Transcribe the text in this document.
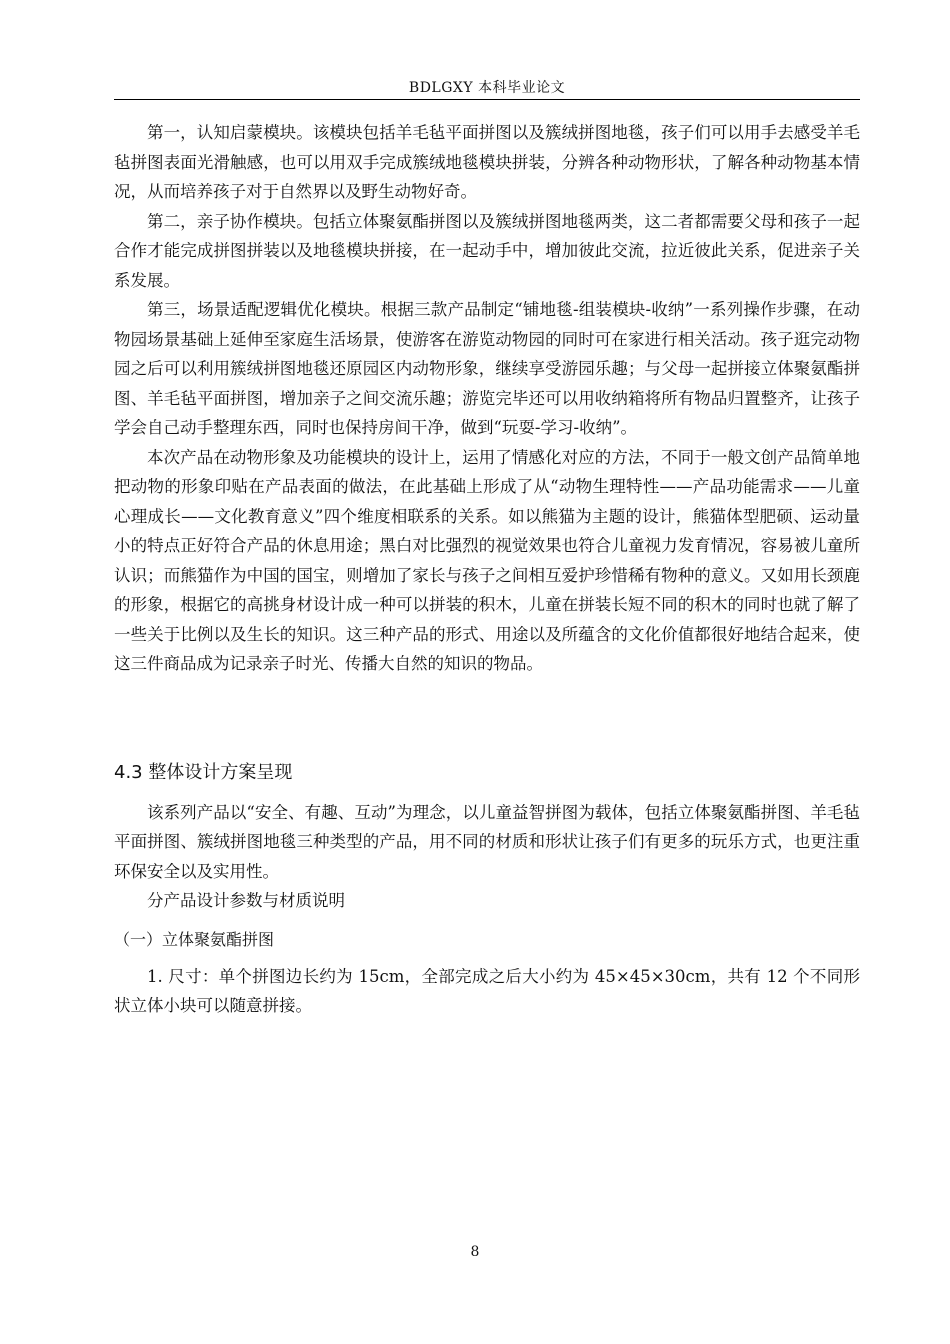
BDLGXY 本科毕业论文

第一，认知启蒙模块。该模块包括羊毛毡平面拼图以及簇绒拼图地毯，孩子们可以用手去感受羊毛毡拼图表面光滑触感，也可以用双手完成簇绒地毯模块拼装，分辨各种动物形状，了解各种动物基本情况，从而培养孩子对于自然界以及野生动物好奇。

第二，亲子协作模块。包括立体聚氨酯拼图以及簇绒拼图地毯两类，这二者都需要父母和孩子一起合作才能完成拼图拼装以及地毯模块拼接，在一起动手中，增加彼此交流，拉近彼此关系，促进亲子关系发展。

第三，场景适配逻辑优化模块。根据三款产品制定“铺地毯-组装模块-收纳”一系列操作步骤，在动物园场景基础上延伸至家庭生活场景，使游客在游览动物园的同时可在家进行相关活动。孩子逛完动物园之后可以利用簇绒拼图地毯还原园区内动物形象，继续享受游园乐趣；与父母一起拼接立体聚氨酯拼图、羊毛毡平面拼图，增加亲子之间交流乐趣；游览完毕还可以用收纳箱将所有物品归置整齐，让孩子学会自己动手整理东西，同时也保持房间干净，做到“玩耍-学习-收纳”。

本次产品在动物形象及功能模块的设计上，运用了情感化对应的方法，不同于一般文创产品简单地把动物的形象印贴在产品表面的做法，在此基础上形成了从“动物生理特性——产品功能需求——儿童心理成长——文化教育意义”四个维度相联系的关系。如以熊猫为主题的设计，熊猫体型肥硕、运动量小的特点正好符合产品的休息用途；黑白对比强烈的视觉效果也符合儿童视力发育情况，容易被儿童所认识；而熊猫作为中国的国宝，则增加了家长与孩子之间相互爱护珍惜稀有物种的意义。又如用长颈鹿的形象，根据它的高挑身材设计成一种可以拼装的积木，儿童在拼装长短不同的积木的同时也就了解了一些关于比例以及生长的知识。这三种产品的形式、用途以及所蕴含的文化价值都很好地结合起来，使这三件商品成为记录亲子时光、传播大自然的知识的物品。

4.3 整体设计方案呈现

该系列产品以“安全、有趣、互动”为理念，以儿童益智拼图为载体，包括立体聚氨酯拼图、羊毛毡平面拼图、簇绒拼图地毯三种类型的产品，用不同的材质和形状让孩子们有更多的玩乐方式，也更注重环保安全以及实用性。

分产品设计参数与材质说明

（一）立体聚氨酯拼图

1. 尺寸：单个拼图边长约为 15cm，全部完成之后大小约为 45×45×30cm，共有 12 个不同形状立体小块可以随意拼接。

8
